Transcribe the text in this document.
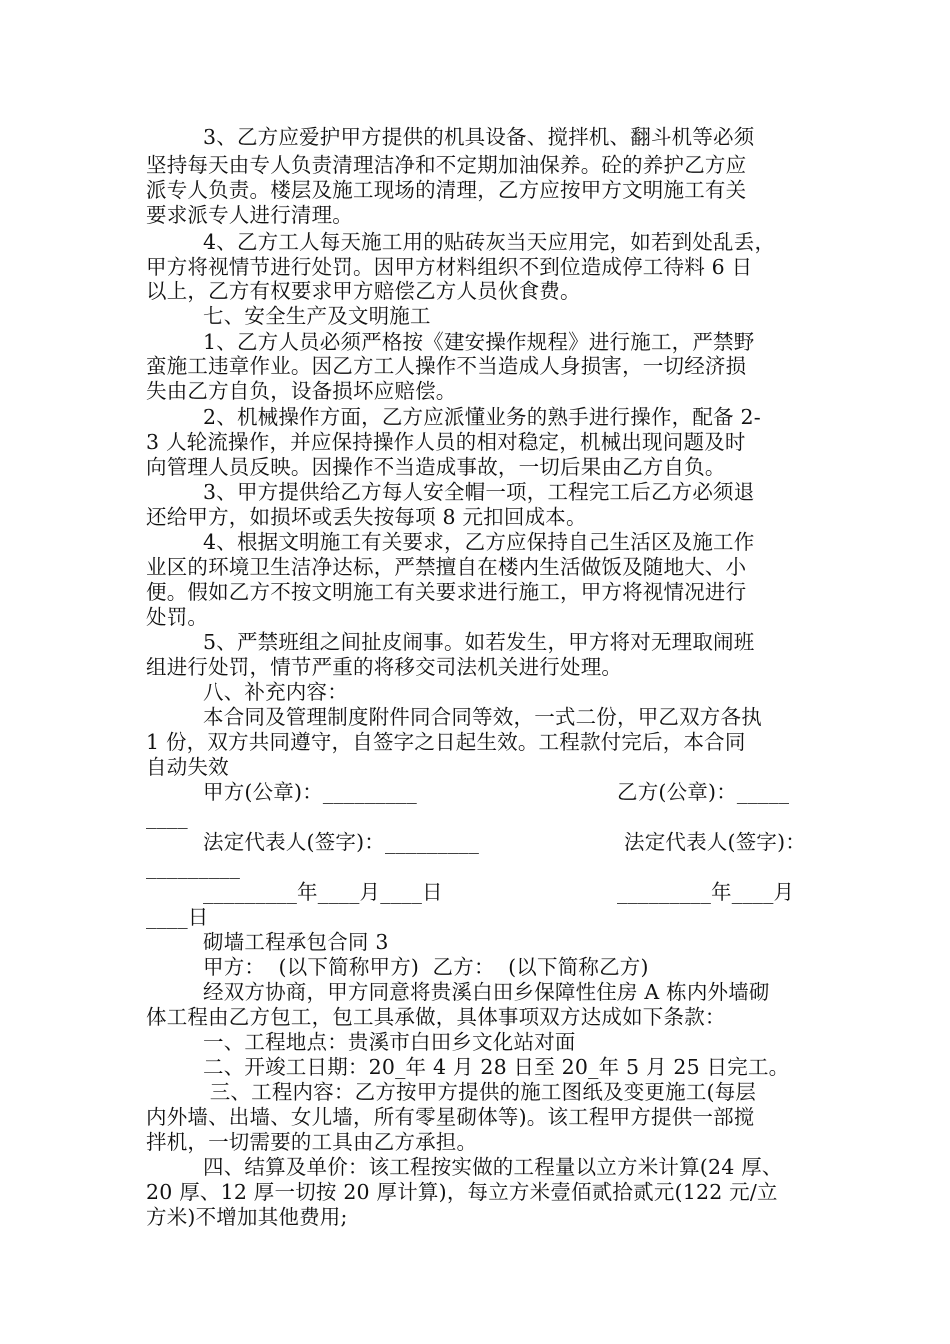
3、乙方应爱护甲方提供的机具设备、搅拌机、翻斗机等必须
坚持每天由专人负责清理洁净和不定期加油保养。砼的养护乙方应
派专人负责。楼层及施工现场的清理，乙方应按甲方文明施工有关
要求派专人进行清理。
4、乙方工人每天施工用的贴砖灰当天应用完，如若到处乱丢，
甲方将视情节进行处罚。因甲方材料组织不到位造成停工待料 6 日
以上，乙方有权要求甲方赔偿乙方人员伙食费。
七、安全生产及文明施工
1、乙方人员必须严格按《建安操作规程》进行施工，严禁野
蛮施工违章作业。因乙方工人操作不当造成人身损害，一切经济损
失由乙方自负，设备损坏应赔偿。
2、机械操作方面，乙方应派懂业务的熟手进行操作，配备 2-
3 人轮流操作，并应保持操作人员的相对稳定，机械出现问题及时
向管理人员反映。因操作不当造成事故，一切后果由乙方自负。
3、甲方提供给乙方每人安全帽一项，工程完工后乙方必须退
还给甲方，如损坏或丢失按每项 8 元扣回成本。
4、根据文明施工有关要求，乙方应保持自己生活区及施工作
业区的环境卫生洁净达标，严禁擅自在楼内生活做饭及随地大、小
便。假如乙方不按文明施工有关要求进行施工，甲方将视情况进行
处罚。
5、严禁班组之间扯皮闹事。如若发生，甲方将对无理取闹班
组进行处罚，情节严重的将移交司法机关进行处理。
八、补充内容：
本合同及管理制度附件同合同等效，一式二份，甲乙双方各执
1 份，双方共同遵守，自签字之日起生效。工程款付完后，本合同
自动失效
甲方(公章)：_________	乙方(公章)：_____
____
法定代表人(签字)：_________	法定代表人(签字)：
_________
_________年____月____日	_________年____月
____日
砌墙工程承包合同 3
甲方：  (以下简称甲方)  乙方：  (以下简称乙方)
经双方协商，甲方同意将贵溪白田乡保障性住房 A 栋内外墙砌
体工程由乙方包工，包工具承做，具体事项双方达成如下条款：
一、工程地点：贵溪市白田乡文化站对面
二、开竣工日期：20_年 4 月 28 日至 20_年 5 月 25 日完工。
三、工程内容：乙方按甲方提供的施工图纸及变更施工(每层
内外墙、出墙、女儿墙，所有零星砌体等)。该工程甲方提供一部搅
拌机，一切需要的工具由乙方承担。
四、结算及单价：该工程按实做的工程量以立方米计算(24 厚、
20 厚、12 厚一切按 20 厚计算)，每立方米壹佰贰拾贰元(122 元/立
方米)不增加其他费用;
